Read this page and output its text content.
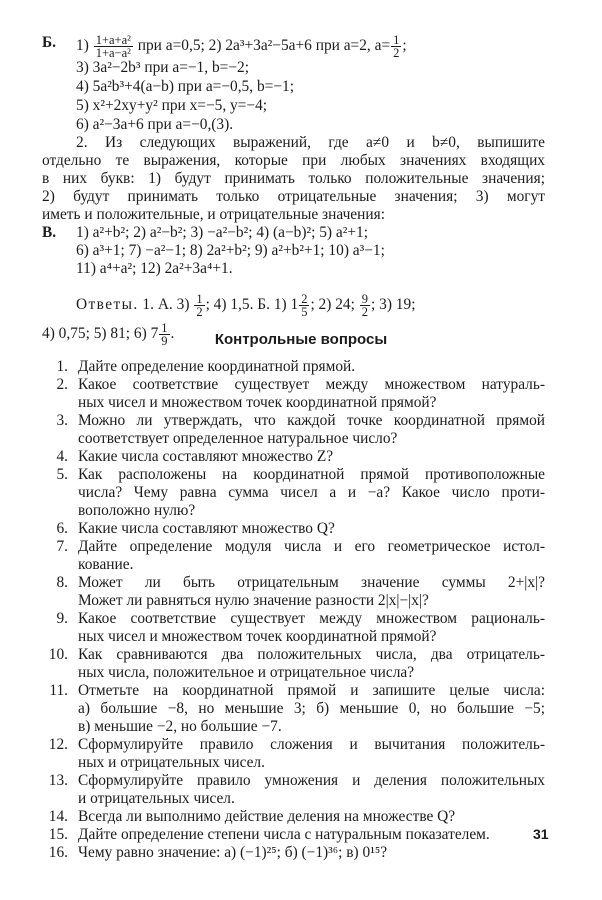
Б. $1) \frac{\text{1+a+a²}}{\text{1+a−a²}}$ при a=0,5; 2) 2a³+3a²−5a+6 при a=2, $a= \frac{1}{2}$ ;
3) 3a²−2b³ при a=−1, b=−2;
4) 5a²b³+4(a−b) при a=−0,5, b=−1;
5) x²+2xy+y² при x=−5, y=−4;
6) a²−3a+6 при a=−0,(3).
2. Из следующих выражений, где a≠0 и b≠0, выпишите
отдельно те выражения, которые при любых значениях входящих
в них букв: 1) будут принимать только положительные значения;
2) будут принимать только отрицательные значения; 3) могут
иметь и положительные, и отрицательные значения:
В. 1) a²+b²; 2) a²−b²; 3) −a²−b²; 4) (a−b)²; 5) a²+1;
6) a³+1; 7) −a²−1; 8) 2a²+b²; 9) a²+b²+1; 10) a³−1;
11) a⁴+a²; 12) 2a²+3a⁴+1.
Ответы. 1. А. $3) \frac{1}{2}$ ; 4) 1,5. Б. 1) $1 \frac{2}{5}$ ; 2) 24; $\frac{9}{2}$ ; 3) 19;
4) 0,75; 5) 81; 6) $7 \frac{1}{9}$ .	Контрольные вопросы
1. Дайте определение координатной прямой.
2. Какое соответствие существует между множеством натураль-
ных чисел и множеством точек координатной прямой?
3. Можно ли утверждать, что каждой точке координатной прямой
соответствует определенное натуральное число?
4. Какие числа составляют множество Z?
5. Как расположены на координатной прямой противоположные
числа? Чему равна сумма чисел a и −a? Какое число проти-
воположно нулю?
6. Какие числа составляют множество Q?
7. Дайте определение модуля числа и его геометрическое истол-
кование.
8. Может ли быть отрицательным значение суммы 2+|x|?
Может ли равняться нулю значение разности 2|x|−|x|?
9. Какое соответствие существует между множеством рациональ-
ных чисел и множеством точек координатной прямой?
10. Как сравниваются два положительных числа, два отрицатель-
ных числа, положительное и отрицательное числа?
11. Отметьте на координатной прямой и запишите целые числа:
а) большие −8, но меньшие 3; б) меньшие 0, но большие −5;
в) меньшие −2, но большие −7.
12. Сформулируйте правило сложения и вычитания положитель-
ных и отрицательных чисел.
13. Сформулируйте правило умножения и деления положительных
и отрицательных чисел.
14. Всегда ли выполнимо действие деления на множестве Q?
15. Дайте определение степени числа с натуральным показателем.
16. Чему равно значение: а) (−1)²⁵; б) (−1)³⁶; в) 0¹⁵?
31
